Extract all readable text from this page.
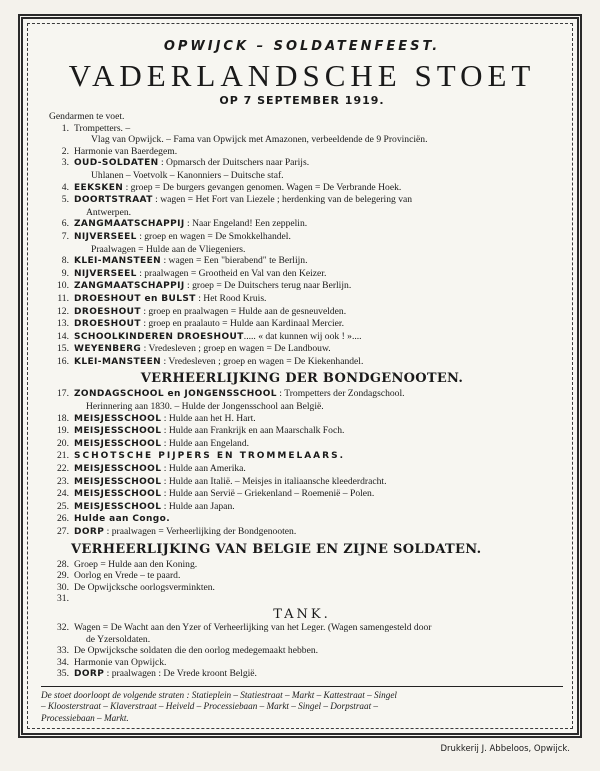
OPWIJCK – SOLDATENFEEST.

VADERLANDSCHE STOET

OP 7 SEPTEMBER 1919.

Gendarmen te voet.
1. Trompetters. –
Vlag van Opwijck. – Fama van Opwijck met Amazonen, verbeeldende de 9 Provinciën.
2. Harmonie van Baerdegem.
3. OUD-SOLDATEN : Opmarsch der Duitschers naar Parijs.
Uhlanen – Voetvolk – Kanonniers – Duitsche staf.
4. EEKSKEN : groep = De burgers gevangen genomen. Wagen = De Verbrande Hoek.
5. DOORTSTRAAT : wagen = Het Fort van Liezele ; herdenking van de belegering van
Antwerpen.
6. ZANGMAATSCHAPPIJ : Naar Engeland! Een zeppelin.
7. NIJVERSEEL : groep en wagen = De Smokkelhandel.
Praalwagen = Hulde aan de Vliegeniers.
8. KLEI-MANSTEEN : wagen = Een "bierabend" te Berlijn.
9. NIJVERSEEL : praalwagen = Grootheid en Val van den Keizer.
10. ZANGMAATSCHAPPIJ : groep = De Duitschers terug naar Berlijn.
11. DROESHOUT en BULST : Het Rood Kruis.
12. DROESHOUT : groep en praalwagen = Hulde aan de gesneuvelden.
13. DROESHOUT : groep en praalauto = Hulde aan Kardinaal Mercier.
14. SCHOOLKINDEREN DROESHOUT..... « dat kunnen wij ook ! »....
15. WEYENBERG : Vredesleven ; groep en wagen = De Landbouw.
16. KLEI-MANSTEEN : Vredesleven ; groep en wagen = De Kiekenhandel.
VERHEERLIJKING DER BONDGENOOTEN.
17. ZONDAGSCHOOL en JONGENSSCHOOL : Trompetters der Zondagschool.
Herinnering aan 1830. – Hulde der Jongensschool aan België.
18. MEISJESSCHOOL : Hulde aan het H. Hart.
19. MEISJESSCHOOL : Hulde aan Frankrijk en aan Maarschalk Foch.
20. MEISJESSCHOOL : Hulde aan Engeland.
21. SCHOTSCHE PIJPERS EN TROMMELAARS.
22. MEISJESSCHOOL : Hulde aan Amerika.
23. MEISJESSCHOOL : Hulde aan Italië. – Meisjes in italiaansche kleederdracht.
24. MEISJESSCHOOL : Hulde aan Servië – Griekenland – Roemenië – Polen.
25. MEISJESSCHOOL : Hulde aan Japan.
26. Hulde aan Congo.
27. DORP : praalwagen = Verheerlijking der Bondgenooten.
VERHEERLIJKING VAN BELGIE EN ZIJNE SOLDATEN.
28. Groep = Hulde aan den Koning.
29. Oorlog en Vrede – te paard.
30. De Opwijcksche oorlogsverminkten.
31.
TANK.
32. Wagen = De Wacht aan den Yzer of Verheerlijking van het Leger. (Wagen samengesteld door
de Yzersoldaten.
33. De Opwijcksche soldaten die den oorlog medegemaakt hebben.
34. Harmonie van Opwijck.
35. DORP : praalwagen : De Vrede kroont België.
De stoet doorloopt de volgende straten : Statieplein – Statiestraat – Markt – Kattestraat – Singel
– Kloosterstraat – Klaverstraat – Heiveld – Processiebaan – Markt – Singel – Dorpstraat –
Processiebaan – Markt.
Drukkerij J. Abbeloos, Opwijck.
